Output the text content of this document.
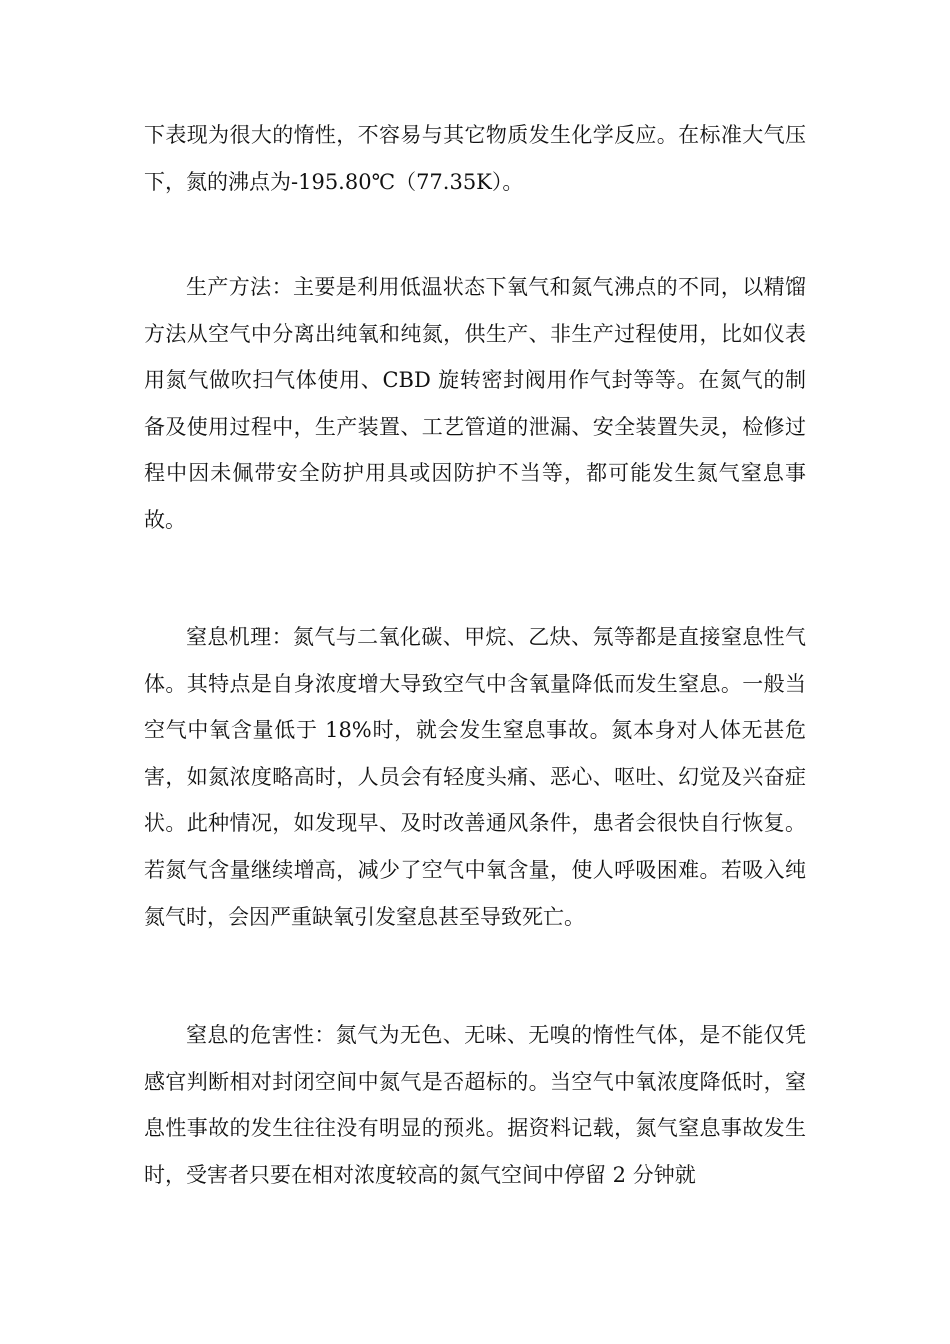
下表现为很大的惰性，不容易与其它物质发生化学反应。在标准大气压下，氮的沸点为-195.80℃（77.35K）。

生产方法：主要是利用低温状态下氧气和氮气沸点的不同，以精馏方法从空气中分离出纯氧和纯氮，供生产、非生产过程使用，比如仪表用氮气做吹扫气体使用、CBD 旋转密封阀用作气封等等。在氮气的制备及使用过程中，生产装置、工艺管道的泄漏、安全装置失灵，检修过程中因未佩带安全防护用具或因防护不当等，都可能发生氮气窒息事故。

窒息机理：氮气与二氧化碳、甲烷、乙炔、氖等都是直接窒息性气体。其特点是自身浓度增大导致空气中含氧量降低而发生窒息。一般当空气中氧含量低于 18%时，就会发生窒息事故。氮本身对人体无甚危害，如氮浓度略高时，人员会有轻度头痛、恶心、呕吐、幻觉及兴奋症状。此种情况，如发现早、及时改善通风条件，患者会很快自行恢复。若氮气含量继续增高，减少了空气中氧含量，使人呼吸困难。若吸入纯氮气时，会因严重缺氧引发窒息甚至导致死亡。

窒息的危害性：氮气为无色、无味、无嗅的惰性气体，是不能仅凭感官判断相对封闭空间中氮气是否超标的。当空气中氧浓度降低时，窒息性事故的发生往往没有明显的预兆。据资料记载，氮气窒息事故发生时，受害者只要在相对浓度较高的氮气空间中停留 2 分钟就
